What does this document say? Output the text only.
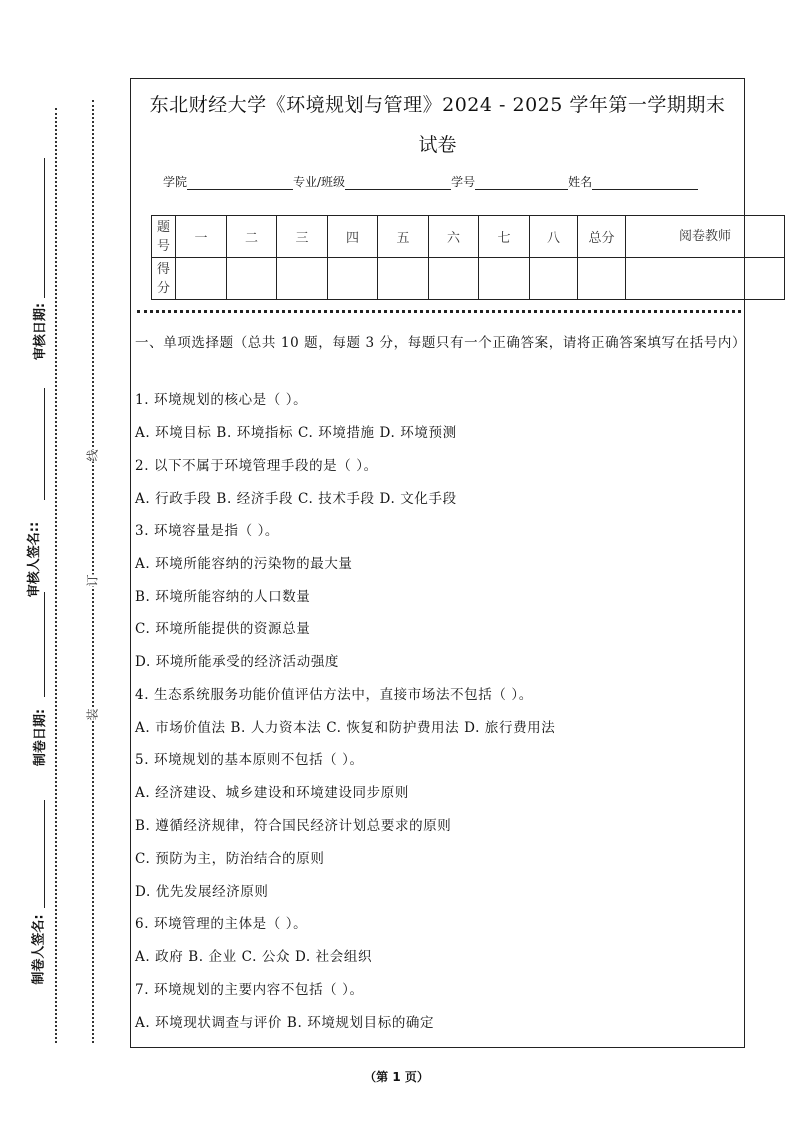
审核日期:
审核人签名::
制卷日期:
制卷人签名:
线
订
装
东北财经大学《环境规划与管理》2024 - 2025 学年第一学期期末
试卷
学院	专业/班级	学号	姓名
题号	一	二	三	四	五	六	七	八	总分	阅卷教师
得分										
一、单项选择题（总共 10 题，每题 3 分，每题只有一个正确答案，请将正确答案填写在括号内）
1. 环境规划的核心是（ ）。
A. 环境目标 B. 环境指标 C. 环境措施 D. 环境预测
2. 以下不属于环境管理手段的是（ ）。
A. 行政手段 B. 经济手段 C. 技术手段 D. 文化手段
3. 环境容量是指（ ）。
A. 环境所能容纳的污染物的最大量
B. 环境所能容纳的人口数量
C. 环境所能提供的资源总量
D. 环境所能承受的经济活动强度
4. 生态系统服务功能价值评估方法中，直接市场法不包括（ ）。
A. 市场价值法 B. 人力资本法 C. 恢复和防护费用法 D. 旅行费用法
5. 环境规划的基本原则不包括（ ）。
A. 经济建设、城乡建设和环境建设同步原则
B. 遵循经济规律，符合国民经济计划总要求的原则
C. 预防为主，防治结合的原则
D. 优先发展经济原则
6. 环境管理的主体是（ ）。
A. 政府 B. 企业 C. 公众 D. 社会组织
7. 环境规划的主要内容不包括（ ）。
A. 环境现状调查与评价 B. 环境规划目标的确定
（第 1 页）
